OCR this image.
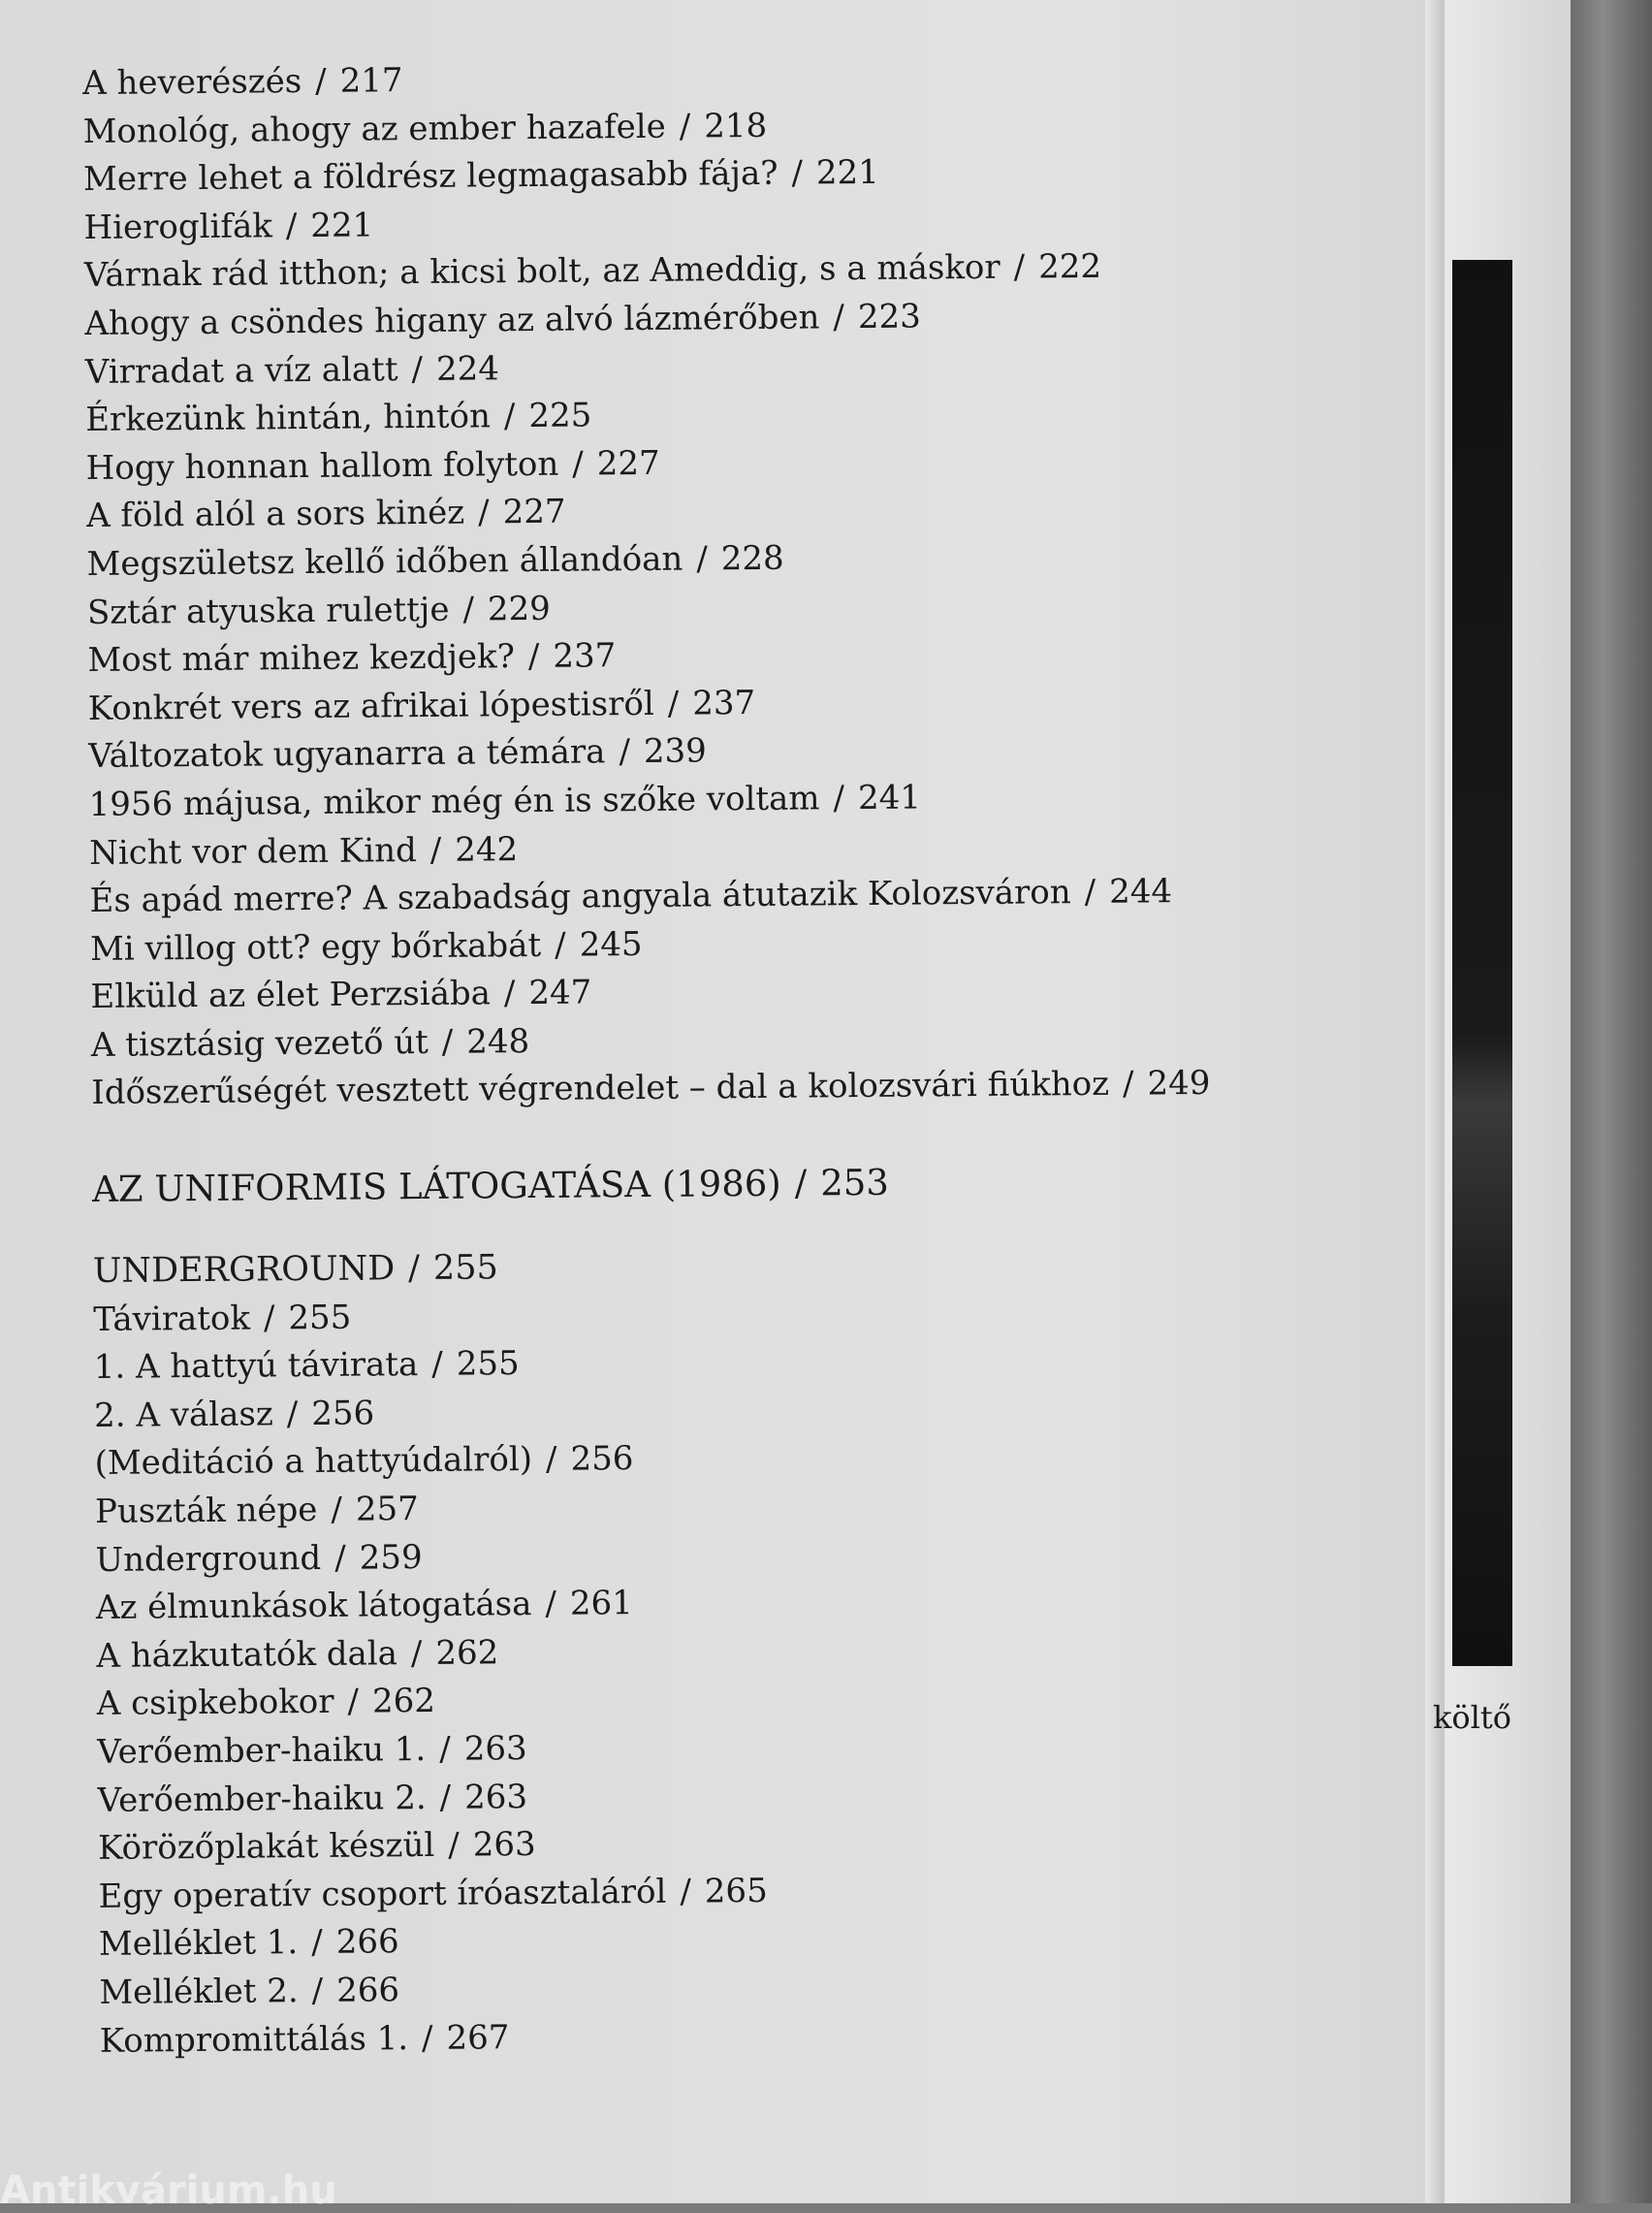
A heverészés / 217
Monológ, ahogy az ember hazafele / 218
Merre lehet a földrész legmagasabb fája? / 221
Hieroglifák / 221
Várnak rád itthon; a kicsi bolt, az Ameddig, s a máskor / 222
Ahogy a csöndes higany az alvó lázmérőben / 223
Virradat a víz alatt / 224
Érkezünk hintán, hintón / 225
Hogy honnan hallom folyton / 227
A föld alól a sors kinéz / 227
Megszületsz kellő időben állandóan / 228
Sztár atyuska rulettje / 229
Most már mihez kezdjek? / 237
Konkrét vers az afrikai lópestisről / 237
Változatok ugyanarra a témára / 239
1956 májusa, mikor még én is szőke voltam / 241
Nicht vor dem Kind / 242
És apád merre? A szabadság angyala átutazik Kolozsváron / 244
Mi villog ott? egy bőrkabát / 245
Elküld az élet Perzsiába / 247
A tisztásig vezető út / 248
Időszerűségét vesztett végrendelet – dal a kolozsvári fiúkhoz / 249
AZ UNIFORMIS LÁTOGATÁSA (1986) / 253
UNDERGROUND / 255
Táviratok / 255
1. A hattyú távirata / 255
2. A válasz / 256
(Meditáció a hattyúdalról) / 256
Puszták népe / 257
Underground / 259
Az élmunkások látogatása / 261
A házkutatók dala / 262
A csipkebokor / 262
Verőember-haiku 1. / 263
Verőember-haiku 2. / 263
Körözőplakát készül / 263
Egy operatív csoport íróasztaláról / 265
Melléklet 1. / 266
Melléklet 2. / 266
Kompromittálás 1. / 267
költő
Antikvárium.hu
